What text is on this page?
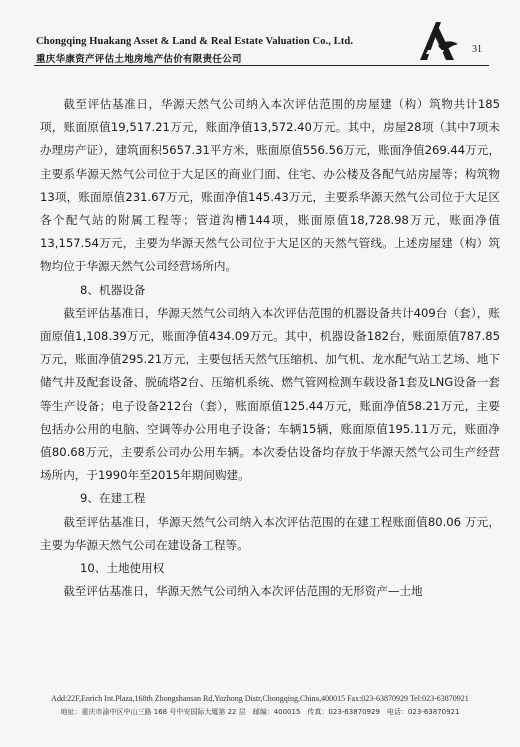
Chongqing Huakang Asset & Land & Real Estate Valuation Co., Ltd.
重庆华康资产评估土地房地产估价有限责任公司
31

截至评估基准日，华源天然气公司纳入本次评估范围的房屋建（构）筑物共计185项，账面原值19,517.21万元，账面净值13,572.40万元。其中，房屋28项（其中7项未办理房产证），建筑面积5657.31平方米，账面原值556.56万元，账面净值269.44万元，主要系华源天然气公司位于大足区的商业门面、住宅、办公楼及各配气站房屋等；构筑物13项，账面原值231.67万元，账面净值145.43万元，主要系华源天然气公司位于大足区各个配气站的附属工程等；管道沟槽144项，账面原值18,728.98万元，账面净值13,157.54万元，主要为华源天然气公司位于大足区的天然气管线。上述房屋建（构）筑物均位于华源天然气公司经营场所内。

8、机器设备

截至评估基准日，华源天然气公司纳入本次评估范围的机器设备共计409台（套），账面原值1,108.39万元，账面净值434.09万元。其中，机器设备182台，账面原值787.85万元，账面净值295.21万元，主要包括天然气压缩机、加气机、龙水配气站工艺场、地下储气井及配套设备、脱硫塔2台、压缩机系统、燃气管网检测车载设备1套及LNG设备一套等生产设备；电子设备212台（套），账面原值125.44万元，账面净值58.21万元，主要包括办公用的电脑、空调等办公用电子设备；车辆15辆，账面原值195.11万元，账面净值80.68万元，主要系公司办公用车辆。本次委估设备均存放于华源天然气公司生产经营场所内，于1990年至2015年期间购建。

9、在建工程

截至评估基准日，华源天然气公司纳入本次评估范围的在建工程账面值80.06 万元，主要为华源天然气公司在建设备工程等。

10、土地使用权

截至评估基准日，华源天然气公司纳入本次评估范围的无形资产—土地

Add:22F,Enrich Int.Plaza,168th Zhongshansan Rd,Yuzhong Distr,Chongqing,China,400015 Fax:023-63870929 Tel:023-63870921
地址：重庆市渝中区中山三路 168 号中安国际大厦第 22 层　邮编：400015　传真：023-63870929　电话：023-63870921
